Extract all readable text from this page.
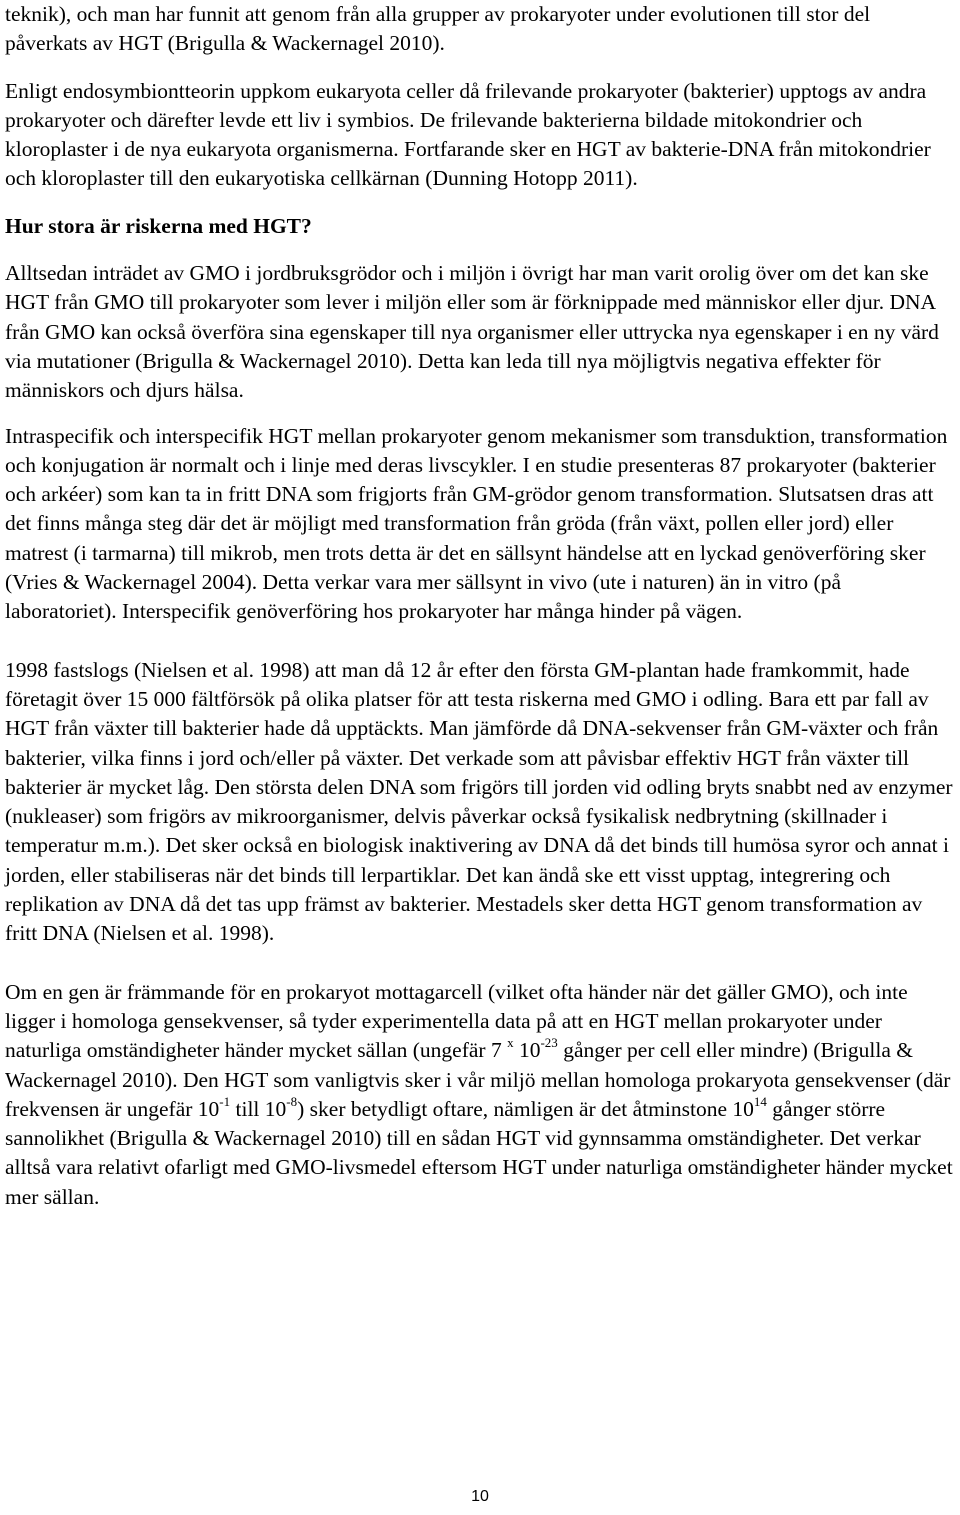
teknik), och man har funnit att genom från alla grupper av prokaryoter under evolutionen till stor del påverkats av HGT (Brigulla & Wackernagel 2010).

Enligt endosymbiontteorin uppkom eukaryota celler då frilevande prokaryoter (bakterier) upptogs av andra prokaryoter och därefter levde ett liv i symbios. De frilevande bakterierna bildade mitokondrier och kloroplaster i de nya eukaryota organismerna. Fortfarande sker en HGT av bakterie-DNA från mitokondrier och kloroplaster till den eukaryotiska cellkärnan (Dunning Hotopp 2011).

Hur stora är riskerna med HGT?

Alltsedan inträdet av GMO i jordbruksgrödor och i miljön i övrigt har man varit orolig över om det kan ske HGT från GMO till prokaryoter som lever i miljön eller som är förknippade med människor eller djur. DNA från GMO kan också överföra sina egenskaper till nya organismer eller uttrycka nya egenskaper i en ny värd via mutationer (Brigulla & Wackernagel 2010). Detta kan leda till nya möjligtvis negativa effekter för människors och djurs hälsa.

Intraspecifik och interspecifik HGT mellan prokaryoter genom mekanismer som transduktion, transformation och konjugation är normalt och i linje med deras livscykler. I en studie presenteras 87 prokaryoter (bakterier och arkéer) som kan ta in fritt DNA som frigjorts från GM-grödor genom transformation. Slutsatsen dras att det finns många steg där det är möjligt med transformation från gröda (från växt, pollen eller jord) eller matrest (i tarmarna) till mikrob, men trots detta är det en sällsynt händelse att en lyckad genöverföring sker (Vries & Wackernagel 2004). Detta verkar vara mer sällsynt in vivo (ute i naturen) än in vitro (på laboratoriet). Interspecifik genöverföring hos prokaryoter har många hinder på vägen.

1998 fastslogs (Nielsen et al. 1998) att man då 12 år efter den första GM-plantan hade framkommit, hade företagit över 15 000 fältförsök på olika platser för att testa riskerna med GMO i odling. Bara ett par fall av HGT från växter till bakterier hade då upptäckts. Man jämförde då DNA-sekvenser från GM-växter och från bakterier, vilka finns i jord och/eller på växter. Det verkade som att påvisbar effektiv HGT från växter till bakterier är mycket låg. Den största delen DNA som frigörs till jorden vid odling bryts snabbt ned av enzymer (nukleaser) som frigörs av mikroorganismer, delvis påverkar också fysikalisk nedbrytning (skillnader i temperatur m.m.). Det sker också en biologisk inaktivering av DNA då det binds till humösa syror och annat i jorden, eller stabiliseras när det binds till lerpartiklar. Det kan ändå ske ett visst upptag, integrering och replikation av DNA då det tas upp främst av bakterier. Mestadels sker detta HGT genom transformation av fritt DNA (Nielsen et al. 1998).

Om en gen är främmande för en prokaryot mottagarcell (vilket ofta händer när det gäller GMO), och inte ligger i homologa gensekvenser, så tyder experimentella data på att en HGT mellan prokaryoter under naturliga omständigheter händer mycket sällan (ungefär 7 $^x$ $10^{-23}$ gånger per cell eller mindre) (Brigulla & Wackernagel 2010). Den HGT som vanligtvis sker i vår miljö mellan homologa prokaryota gensekvenser (där frekvensen är ungefär $10^{-1}$ till $10^{-8}$) sker betydligt oftare, nämligen är det åtminstone $10^{14}$ gånger större sannolikhet (Brigulla & Wackernagel 2010) till en sådan HGT vid gynnsamma omständigheter. Det verkar alltså vara relativt ofarligt med GMO-livsmedel eftersom HGT under naturliga omständigheter händer mycket mer sällan.

10
